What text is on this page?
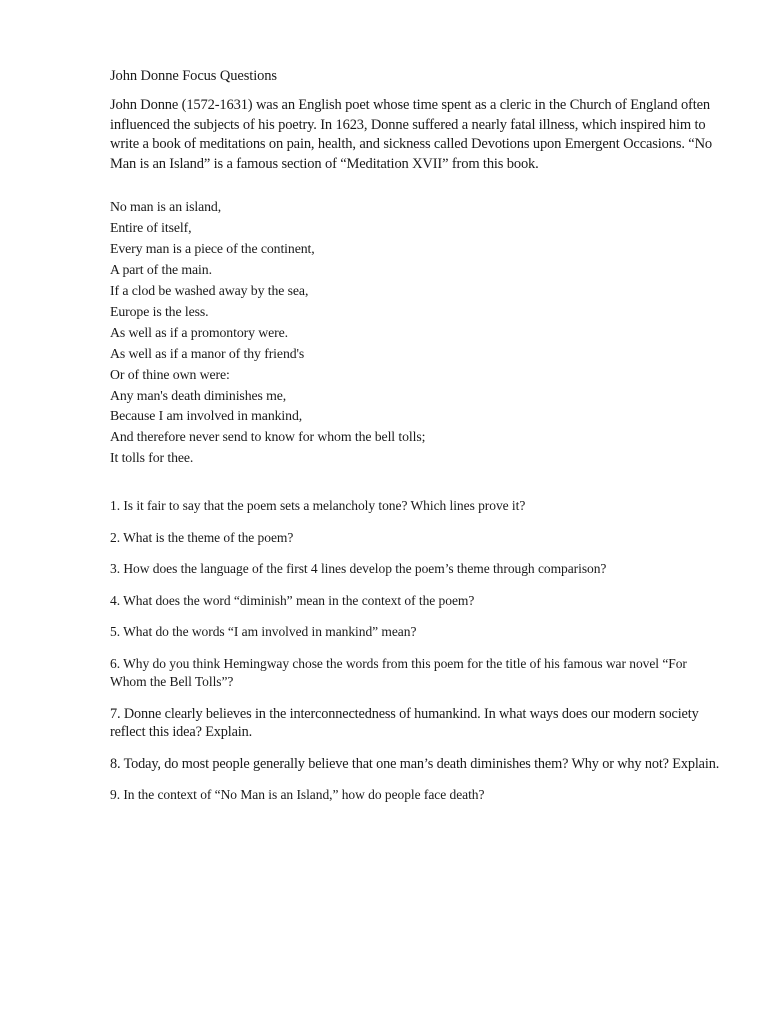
John Donne Focus Questions
John Donne (1572-1631) was an English poet whose time spent as a cleric in the Church of England often influenced the subjects of his poetry. In 1623, Donne suffered a nearly fatal illness, which inspired him to write a book of meditations on pain, health, and sickness called Devotions upon Emergent Occasions. “No Man is an Island” is a famous section of “Meditation XVII” from this book.
No man is an island,
Entire of itself,
Every man is a piece of the continent,
A part of the main.
If a clod be washed away by the sea,
Europe is the less.
As well as if a promontory were.
As well as if a manor of thy friend's
Or of thine own were:
Any man's death diminishes me,
Because I am involved in mankind,
And therefore never send to know for whom the bell tolls;
It tolls for thee.
1. Is it fair to say that the poem sets a melancholy tone? Which lines prove it?
2. What is the theme of the poem?
3. How does the language of the first 4 lines develop the poem’s theme through comparison?
4. What does the word “diminish” mean in the context of the poem?
5. What do the words “I am involved in mankind” mean?
6. Why do you think Hemingway chose the words from this poem for the title of his famous war novel “For Whom the Bell Tolls”?
7. Donne clearly believes in the interconnectedness of humankind. In what ways does our modern society reflect this idea? Explain.
8. Today, do most people generally believe that one man’s death diminishes them? Why or why not? Explain.
9. In the context of “No Man is an Island,” how do people face death?
